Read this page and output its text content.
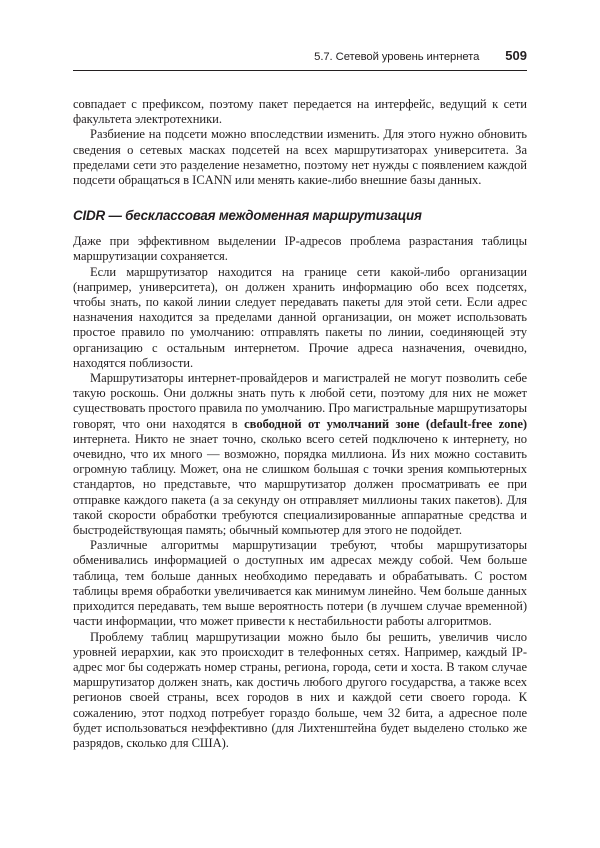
5.7. Сетевой уровень интернета 509

совпадает с префиксом, поэтому пакет передается на интерфейс, ведущий к сети факультета электротехники.

Разбиение на подсети можно впоследствии изменить. Для этого нужно обновить сведения о сетевых масках подсетей на всех маршрутизаторах университета. За пределами сети это разделение незаметно, поэтому нет нужды с появлением каждой подсети обращаться в ICANN или менять какие-либо внешние базы данных.

CIDR — бесклассовая междоменная маршрутизация

Даже при эффективном выделении IP-адресов проблема разрастания таблицы маршрутизации сохраняется.

Если маршрутизатор находится на границе сети какой-либо организации (например, университета), он должен хранить информацию обо всех подсетях, чтобы знать, по какой линии следует передавать пакеты для этой сети. Если адрес назначения находится за пределами данной организации, он может использовать простое правило по умолчанию: отправлять пакеты по линии, соединяющей эту организацию с остальным интернетом. Прочие адреса назначения, очевидно, находятся поблизости.

Маршрутизаторы интернет-провайдеров и магистралей не могут позволить себе такую роскошь. Они должны знать путь к любой сети, поэтому для них не может существовать простого правила по умолчанию. Про магистральные маршрутизаторы говорят, что они находятся в свободной от умолчаний зоне (default-free zone) интернета. Никто не знает точно, сколько всего сетей подключено к интернету, но очевидно, что их много — возможно, порядка миллиона. Из них можно составить огромную таблицу. Может, она не слишком большая с точки зрения компьютерных стандартов, но представьте, что маршрутизатор должен просматривать ее при отправке каждого пакета (а за секунду он отправляет миллионы таких пакетов). Для такой скорости обработки требуются специализированные аппаратные средства и быстродействующая память; обычный компьютер для этого не подойдет.

Различные алгоритмы маршрутизации требуют, чтобы маршрутизаторы обменивались информацией о доступных им адресах между собой. Чем больше таблица, тем больше данных необходимо передавать и обрабатывать. С ростом таблицы время обработки увеличивается как минимум линейно. Чем больше данных приходится передавать, тем выше вероятность потери (в лучшем случае временной) части информации, что может привести к нестабильности работы алгоритмов.

Проблему таблиц маршрутизации можно было бы решить, увеличив число уровней иерархии, как это происходит в телефонных сетях. Например, каждый IP-адрес мог бы содержать номер страны, региона, города, сети и хоста. В таком случае маршрутизатор должен знать, как достичь любого другого государства, а также всех регионов своей страны, всех городов в них и каждой сети своего города. К сожалению, этот подход потребует гораздо больше, чем 32 бита, а адресное поле будет использоваться неэффективно (для Лихтенштейна будет выделено столько же разрядов, сколько для США).
